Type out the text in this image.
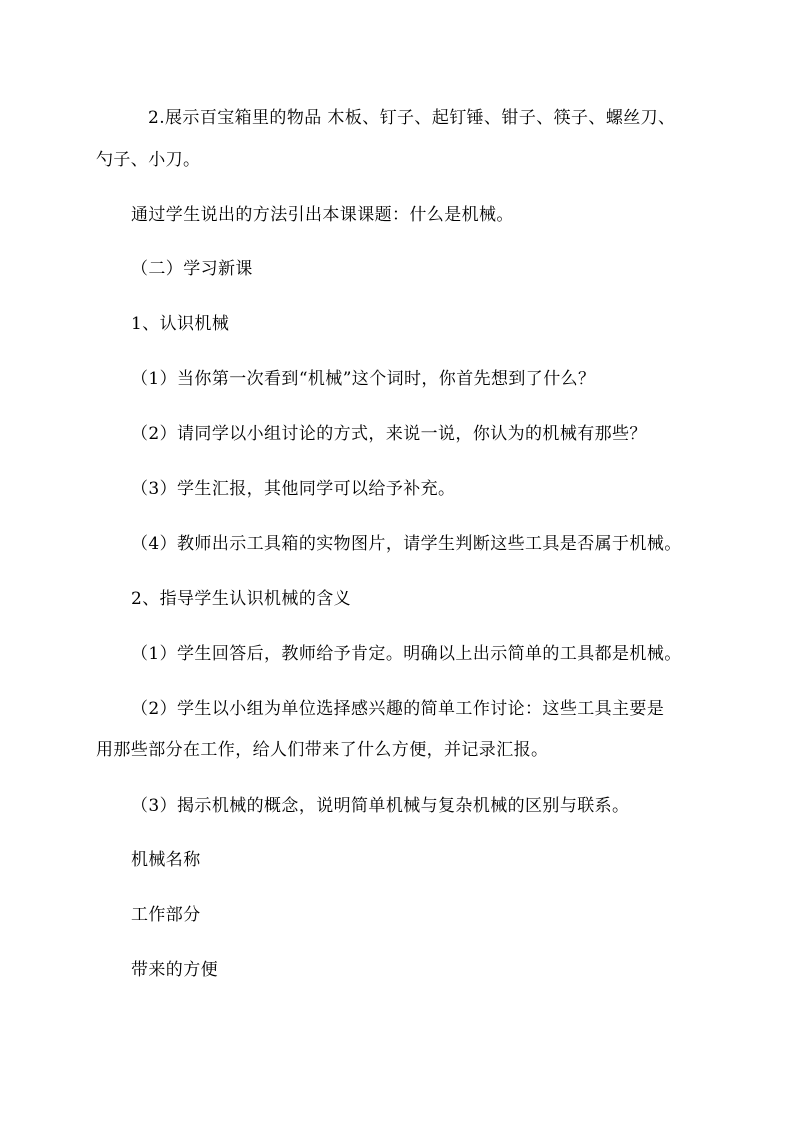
2.展示百宝箱里的物品 木板、钉子、起钉锤、钳子、筷子、螺丝刀、
勺子、小刀。
通过学生说出的方法引出本课课题：什么是机械。
（二）学习新课
1、认识机械
（1）当你第一次看到“机械”这个词时，你首先想到了什么？
（2）请同学以小组讨论的方式，来说一说，你认为的机械有那些？
（3）学生汇报，其他同学可以给予补充。
（4）教师出示工具箱的实物图片，请学生判断这些工具是否属于机械。
2、指导学生认识机械的含义
（1）学生回答后，教师给予肯定。明确以上出示简单的工具都是机械。
（2）学生以小组为单位选择感兴趣的简单工作讨论：这些工具主要是
用那些部分在工作，给人们带来了什么方便，并记录汇报。
（3）揭示机械的概念，说明简单机械与复杂机械的区别与联系。
机械名称
工作部分
带来的方便
